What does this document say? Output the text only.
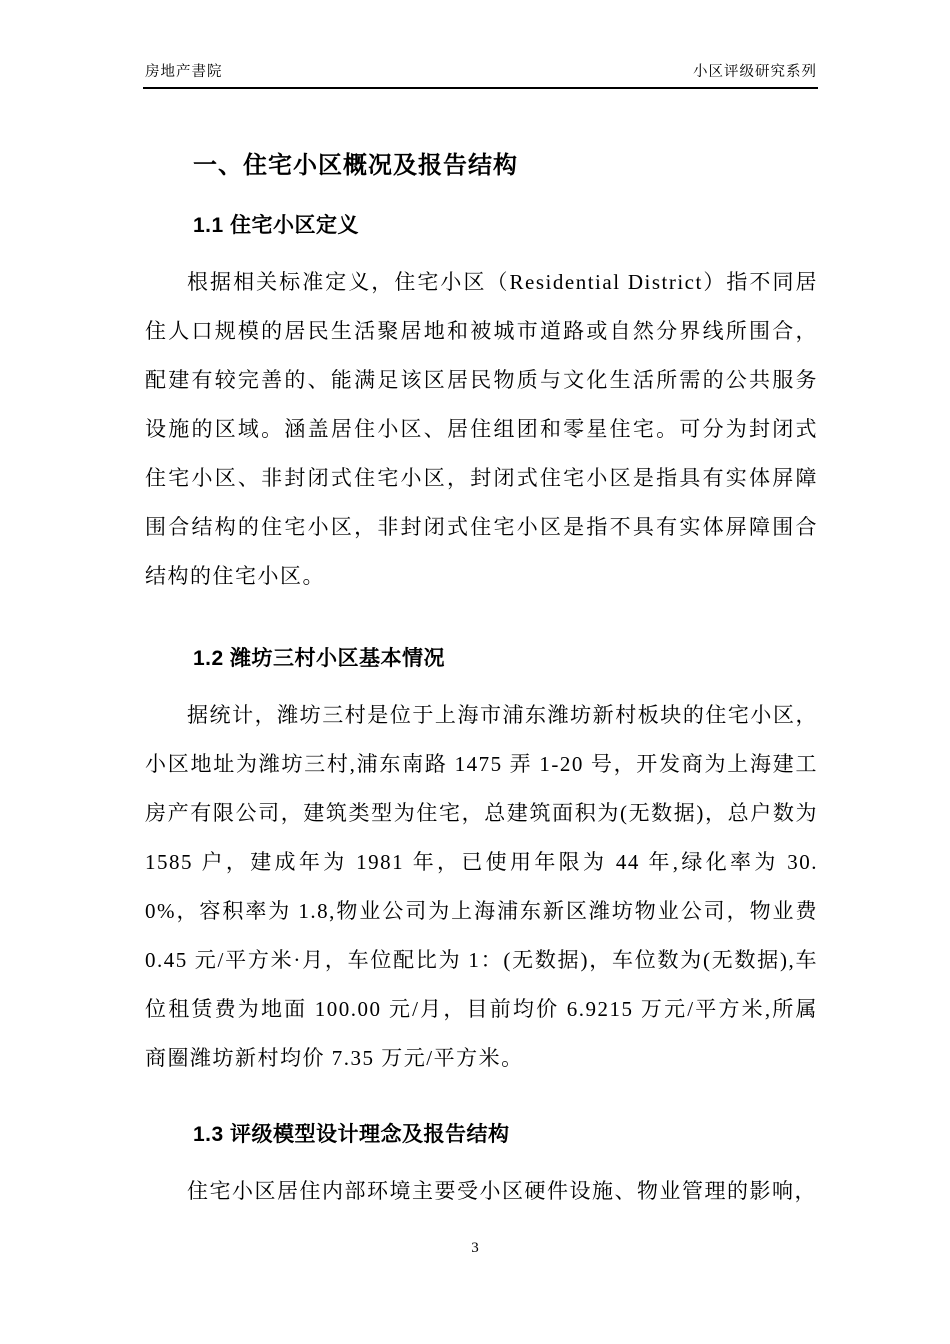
房地产書院	小区评级研究系列
一、住宅小区概况及报告结构
1.1 住宅小区定义

根据相关标准定义，住宅小区（Residential District）指不同居住人口规模的居民生活聚居地和被城市道路或自然分界线所围合，配建有较完善的、能满足该区居民物质与文化生活所需的公共服务设施的区域。涵盖居住小区、居住组团和零星住宅。可分为封闭式住宅小区、非封闭式住宅小区，封闭式住宅小区是指具有实体屏障围合结构的住宅小区，非封闭式住宅小区是指不具有实体屏障围合结构的住宅小区。

1.2 潍坊三村小区基本情况

据统计，潍坊三村是位于上海市浦东潍坊新村板块的住宅小区，小区地址为潍坊三村,浦东南路 1475 弄 1-20 号，开发商为上海建工房产有限公司，建筑类型为住宅，总建筑面积为(无数据)，总户数为 1585 户，建成年为 1981 年，已使用年限为 44 年,绿化率为 30.0%，容积率为 1.8,物业公司为上海浦东新区潍坊物业公司，物业费 0.45 元/平方米·月，车位配比为 1：(无数据)，车位数为(无数据),车位租赁费为地面 100.00 元/月，目前均价 6.9215 万元/平方米,所属商圈潍坊新村均价 7.35 万元/平方米。

1.3 评级模型设计理念及报告结构

住宅小区居住内部环境主要受小区硬件设施、物业管理的影响，

3
